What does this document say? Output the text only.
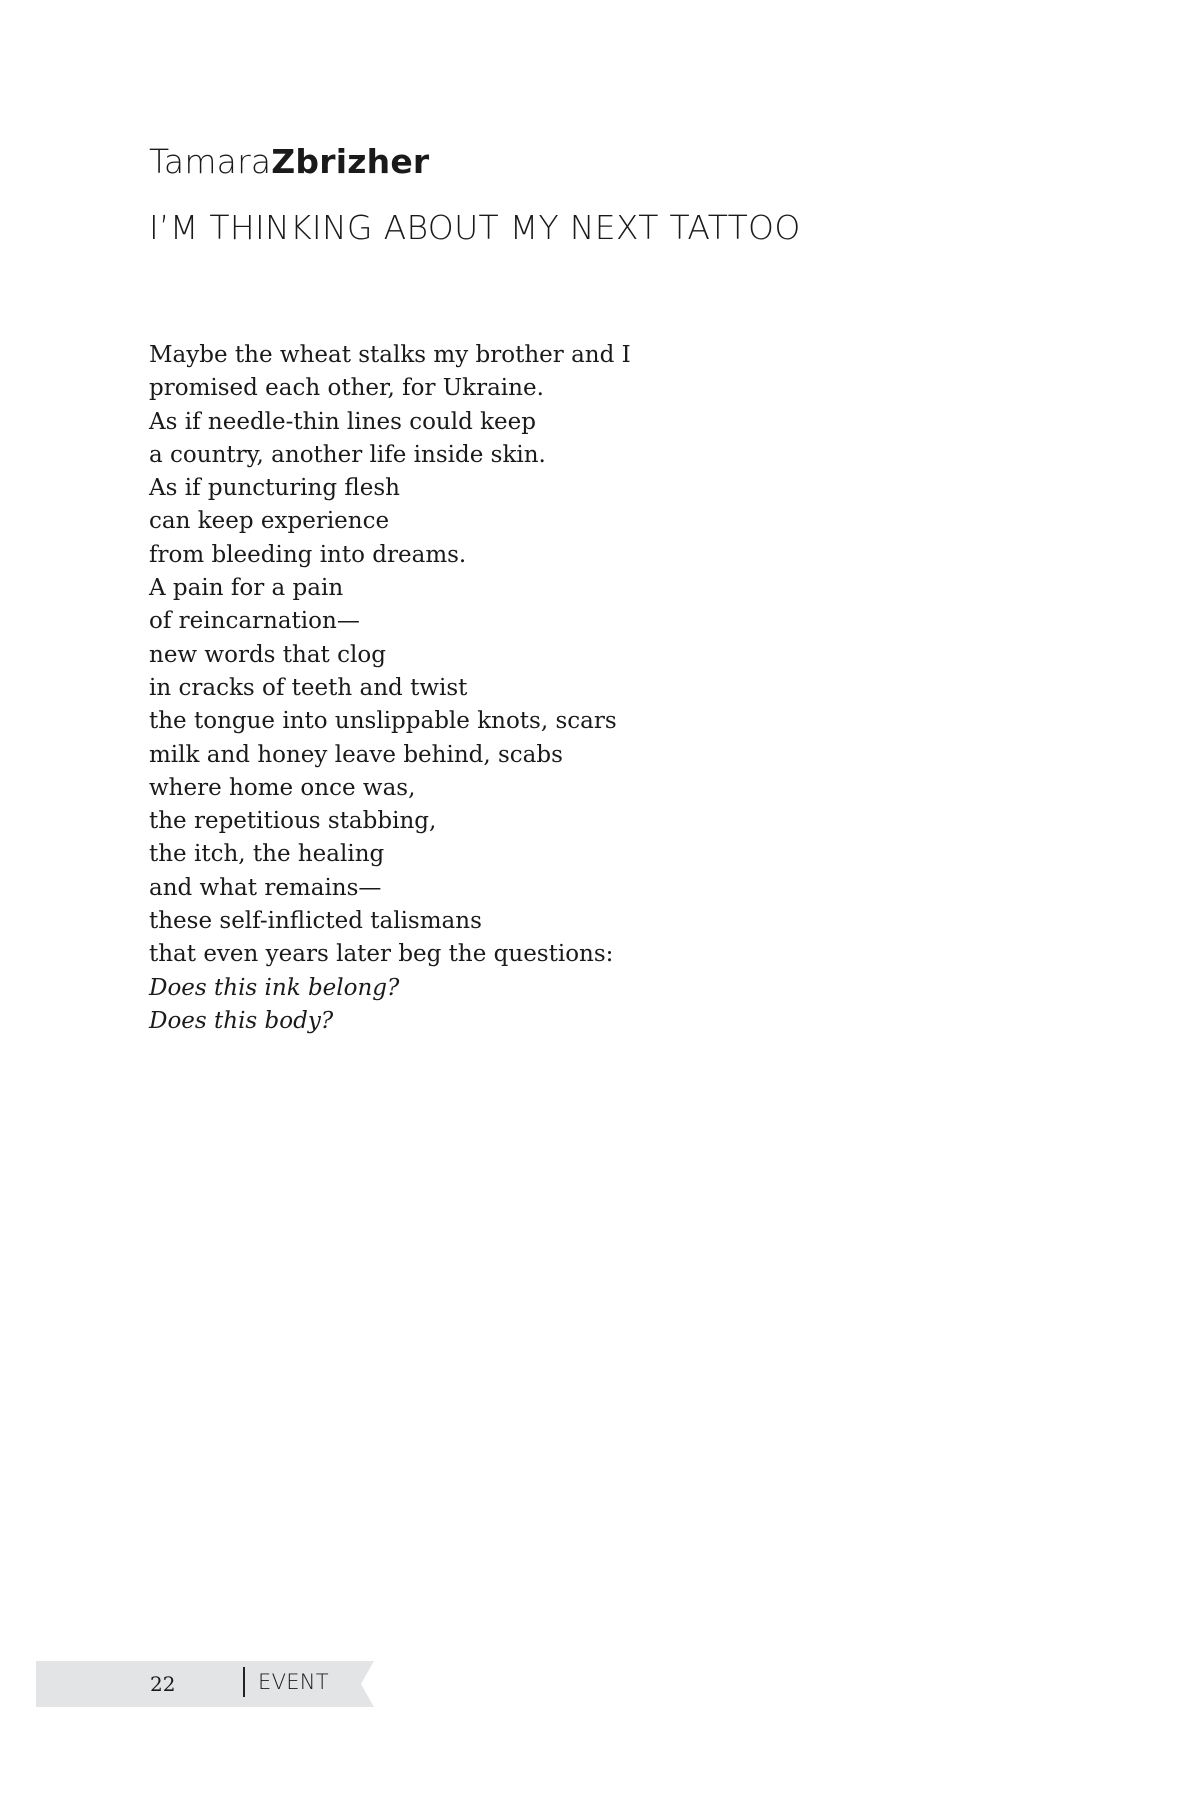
TamaraZbrizher
I’M THINKING ABOUT MY NEXT TATTOO
Maybe the wheat stalks my brother and I
promised each other, for Ukraine.
As if needle-thin lines could keep
a country, another life inside skin.
As if puncturing flesh
can keep experience
from bleeding into dreams.
A pain for a pain
of reincarnation—
new words that clog
in cracks of teeth and twist
the tongue into unslippable knots, scars
milk and honey leave behind, scabs
where home once was,
the repetitious stabbing,
the itch, the healing
and what remains—
these self-inflicted talismans
that even years later beg the questions:
Does this ink belong?
Does this body?
22	EVENT
